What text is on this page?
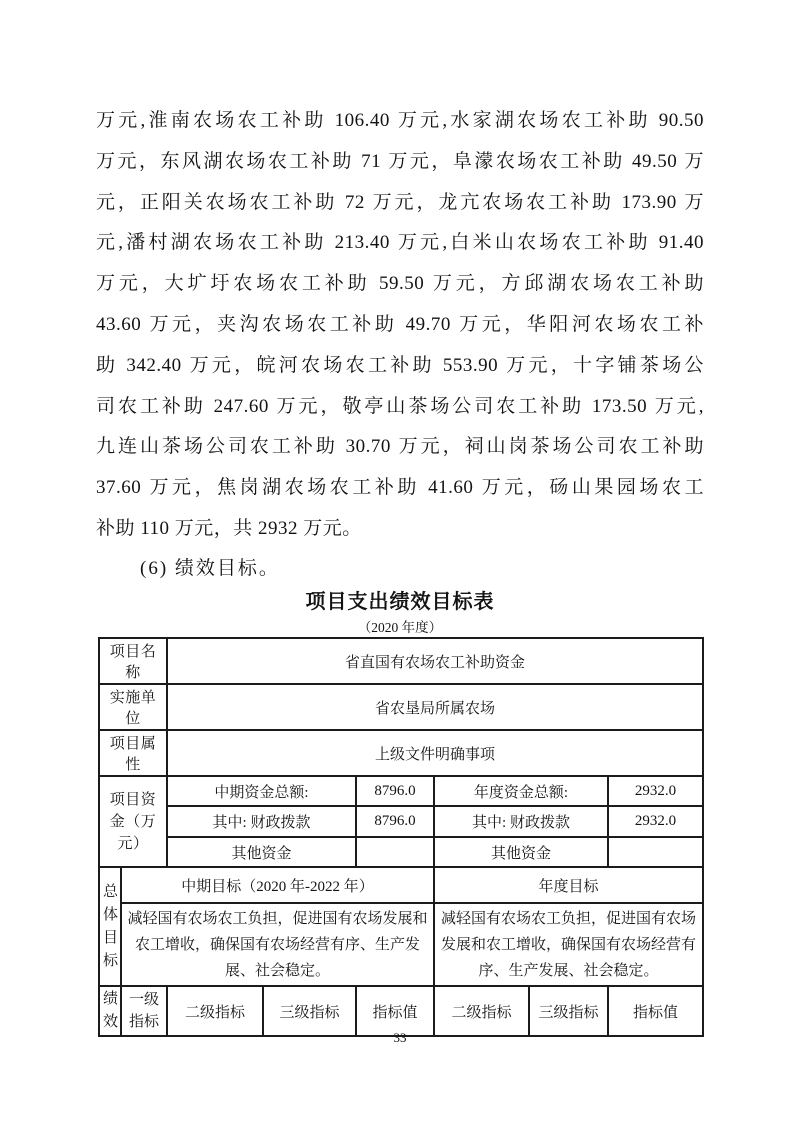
万元,淮南农场农工补助 106.40 万元,水家湖农场农工补助 90.50
万元，东风湖农场农工补助 71 万元，阜濛农场农工补助 49.50 万
元，正阳关农场农工补助 72 万元，龙亢农场农工补助 173.90 万
元,潘村湖农场农工补助 213.40 万元,白米山农场农工补助 91.40
万元，大圹圩农场农工补助 59.50 万元，方邱湖农场农工补助
43.60 万元，夹沟农场农工补助 49.70 万元，华阳河农场农工补
助 342.40 万元，皖河农场农工补助 553.90 万元，十字铺茶场公
司农工补助 247.60 万元，敬亭山茶场公司农工补助 173.50 万元,
九连山茶场公司农工补助 30.70 万元，祠山岗茶场公司农工补助
37.60 万元，焦岗湖农场农工补助 41.60 万元，砀山果园场农工
补助 110 万元，共 2932 万元。
(6) 绩效目标。
项目支出绩效目标表
（2020 年度）
项目名称		省直国有农场农工补助资金					
实施单位		省农垦局所属农场					
项目属性		上级文件明确事项					
项目资金（万元）		中期资金总额:		8796.0	年度资金总额:		2932.0
		其中: 财政拨款		8796.0	其中: 财政拨款		2932.0
		其他资金			其他资金		
总体目标	中期目标（2020 年-2022 年）				年度目标		
	减轻国有农场农工负担，促进国有农场发展和农工增收，确保国有农场经营有序、生产发展、社会稳定。				减轻国有农场农工负担，促进国有农场发展和农工增收，确保国有农场经营有序、生产发展、社会稳定。		
绩效	一级指标	二级指标	三级指标	指标值	二级指标	三级指标	指标值
33
